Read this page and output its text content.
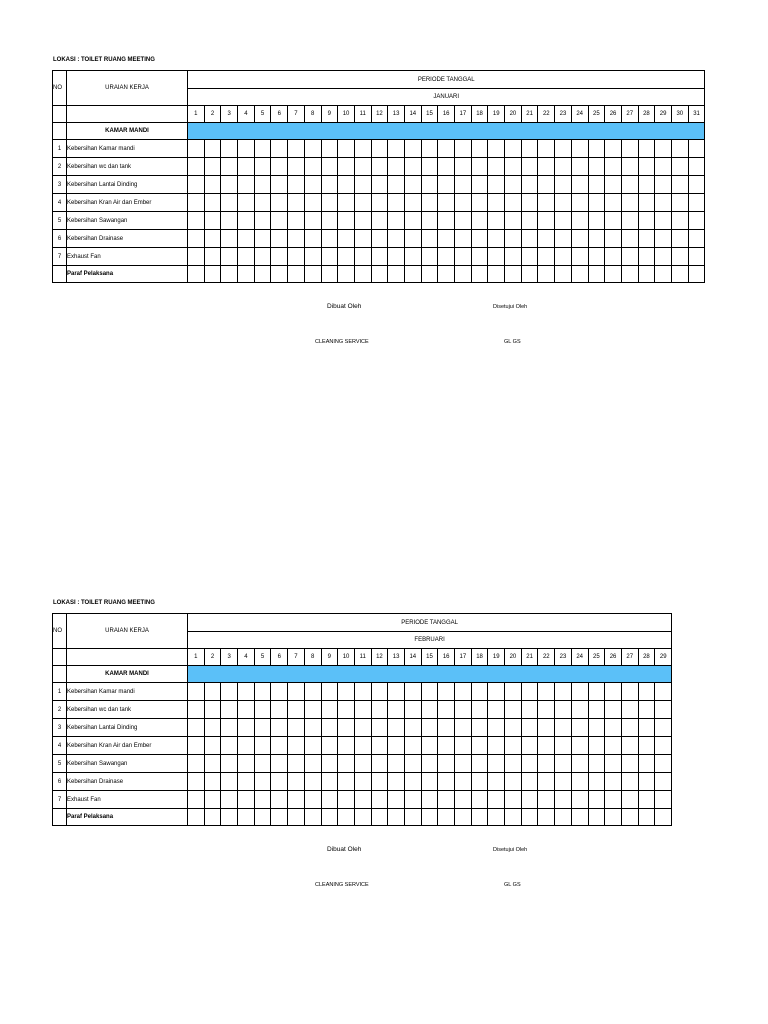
LOKASI : TOILET RUANG MEETING
NO	URAIAN KERJA	PERIODE TANGGAL																														
		JANUARI																														
		1	2	3	4	5	6	7	8	9	10	11	12	13	14	15	16	17	18	19	20	21	22	23	24	25	26	27	28	29	30	31
	KAMAR MANDI																															
1	Kebersihan Kamar mandi																															
2	Kebersihan wc dan tank																															
3	Kebersihan Lantai Dinding																															
4	Kebersihan Kran Air dan Ember																															
5	Kebersihan Sawangan																															
6	Kebersihan Drainase																															
7	Exhaust Fan																															
	Paraf Pelaksana																															
Dibuat Oleh	Disetujui Oleh
CLEANING SERVICE	GL GS
LOKASI : TOILET RUANG MEETING
NO	URAIAN KERJA	PERIODE TANGGAL																												
		FEBRUARI																												
		1	2	3	4	5	6	7	8	9	10	11	12	13	14	15	16	17	18	19	20	21	22	23	24	25	26	27	28	29
	KAMAR MANDI																													
1	Kebersihan Kamar mandi																													
2	Kebersihan wc dan tank																													
3	Kebersihan Lantai Dinding																													
4	Kebersihan Kran Air dan Ember																													
5	Kebersihan Sawangan																													
6	Kebersihan Drainase																													
7	Exhaust Fan																													
	Paraf Pelaksana																													
Dibuat Oleh	Disetujui Oleh
CLEANING SERVICE	GL GS
